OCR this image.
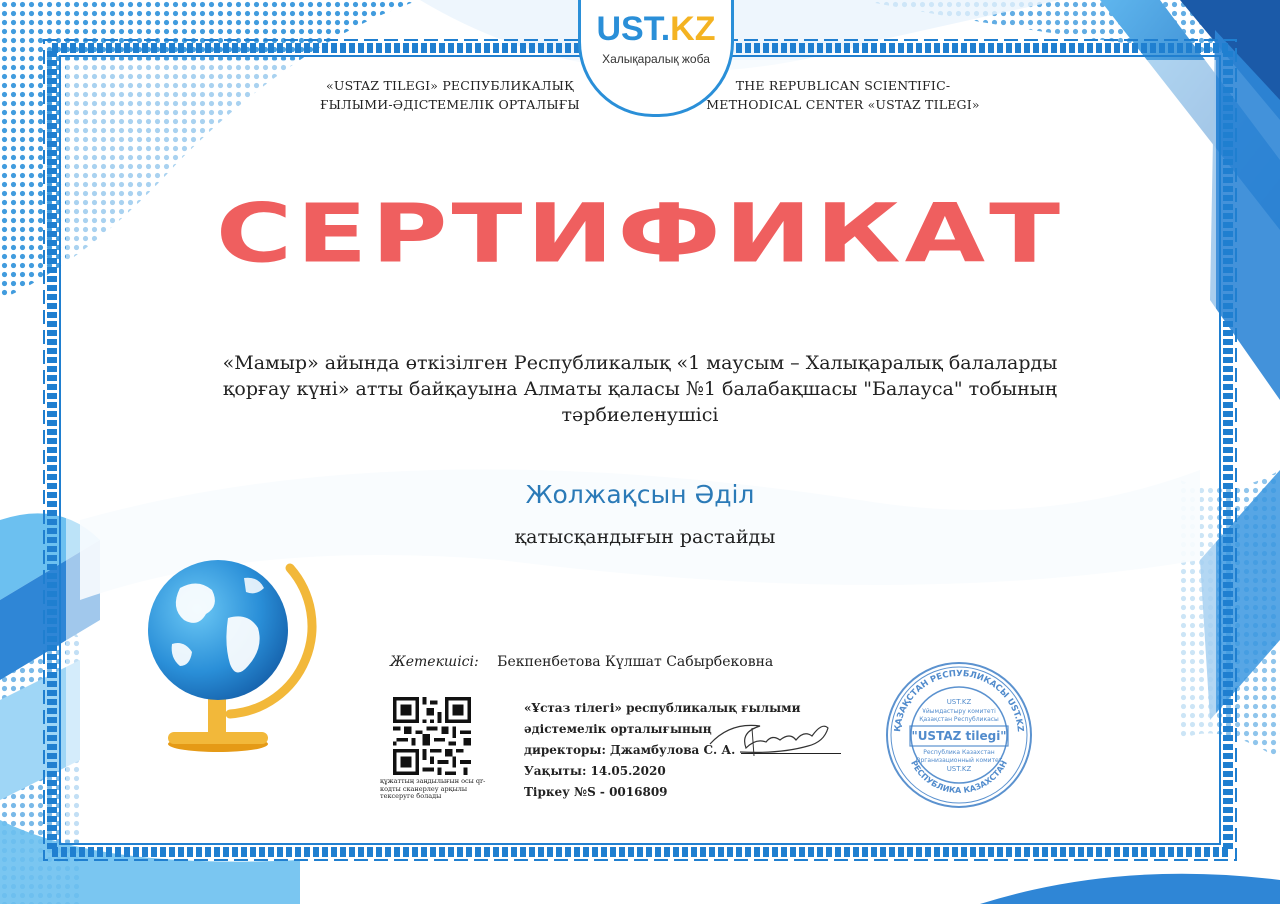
UST.KZ
Халықаралық жоба
«USTAZ TILEGI» РЕСПУБЛИКАЛЫҚ
ҒЫЛЫМИ-ӘДІСТЕМЕЛІК ОРТАЛЫҒЫ
THE REPUBLICAN SCIENTIFIC-
METHODICAL CENTER «USTAZ TILEGI»
СЕРТИФИКАТ
«Мамыр» айында өткізілген Республикалық «1 маусым – Халықаралық балаларды
қорғау күні» атты байқауына Алматы қаласы №1 балабақшасы "Балауса" тобының
тәрбиеленушісі
Жолжақсын Әділ
қатысқандығын растайды
Жетекшісі: Бекпенбетова Күлшат Сабырбековна
құжаттың заңдылығын осы qr-кодты сканерлеу арқылы тексеруге болады
«Ұстаз тілегі» республикалық ғылыми
әдістемелік орталығының
директоры: Джамбулова С. А.
Уақыты: 14.05.2020
Тіркеу №S - 0016809
ҚАЗАҚСТАН РЕСПУБЛИКАСЫ UST.KZ
РЕСПУБЛИКА КАЗАХСТАН
UST.KZ
Ұйымдастыру комитеті
Қазақстан Республикасы
"USTAZ tilegi"
Республика Казахстан
Организационный комитет
UST.KZ
